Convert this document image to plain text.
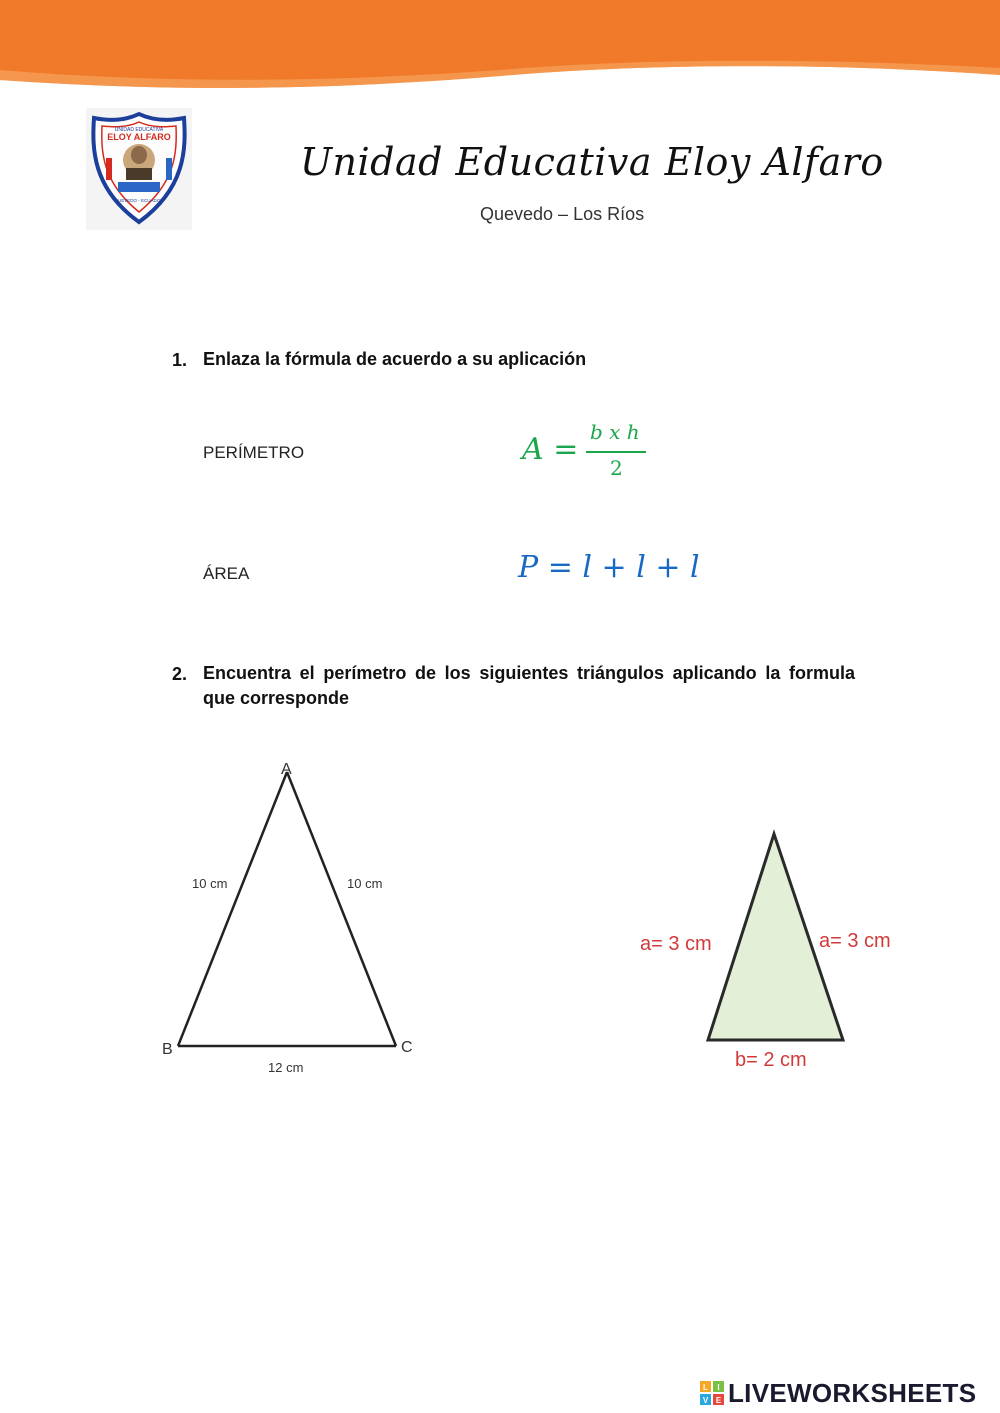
ELOY ALFARO
UNIDAD EDUCATIVA
QUEVEDO - ECUADOR
Unidad Educativa Eloy Alfaro
Quevedo – Los Ríos
1. Enlaza la fórmula de acuerdo a su aplicación
PERÍMETRO
ÁREA
A = b x h
2
P = l + l + l
2. Encuentra el perímetro de los siguientes triángulos aplicando la formula que corresponde
A
B	C
10 cm	10 cm
12 cm
a= 3 cm	a= 3 cm
b= 2 cm
L I
V E LIVEWORKSHEETS
